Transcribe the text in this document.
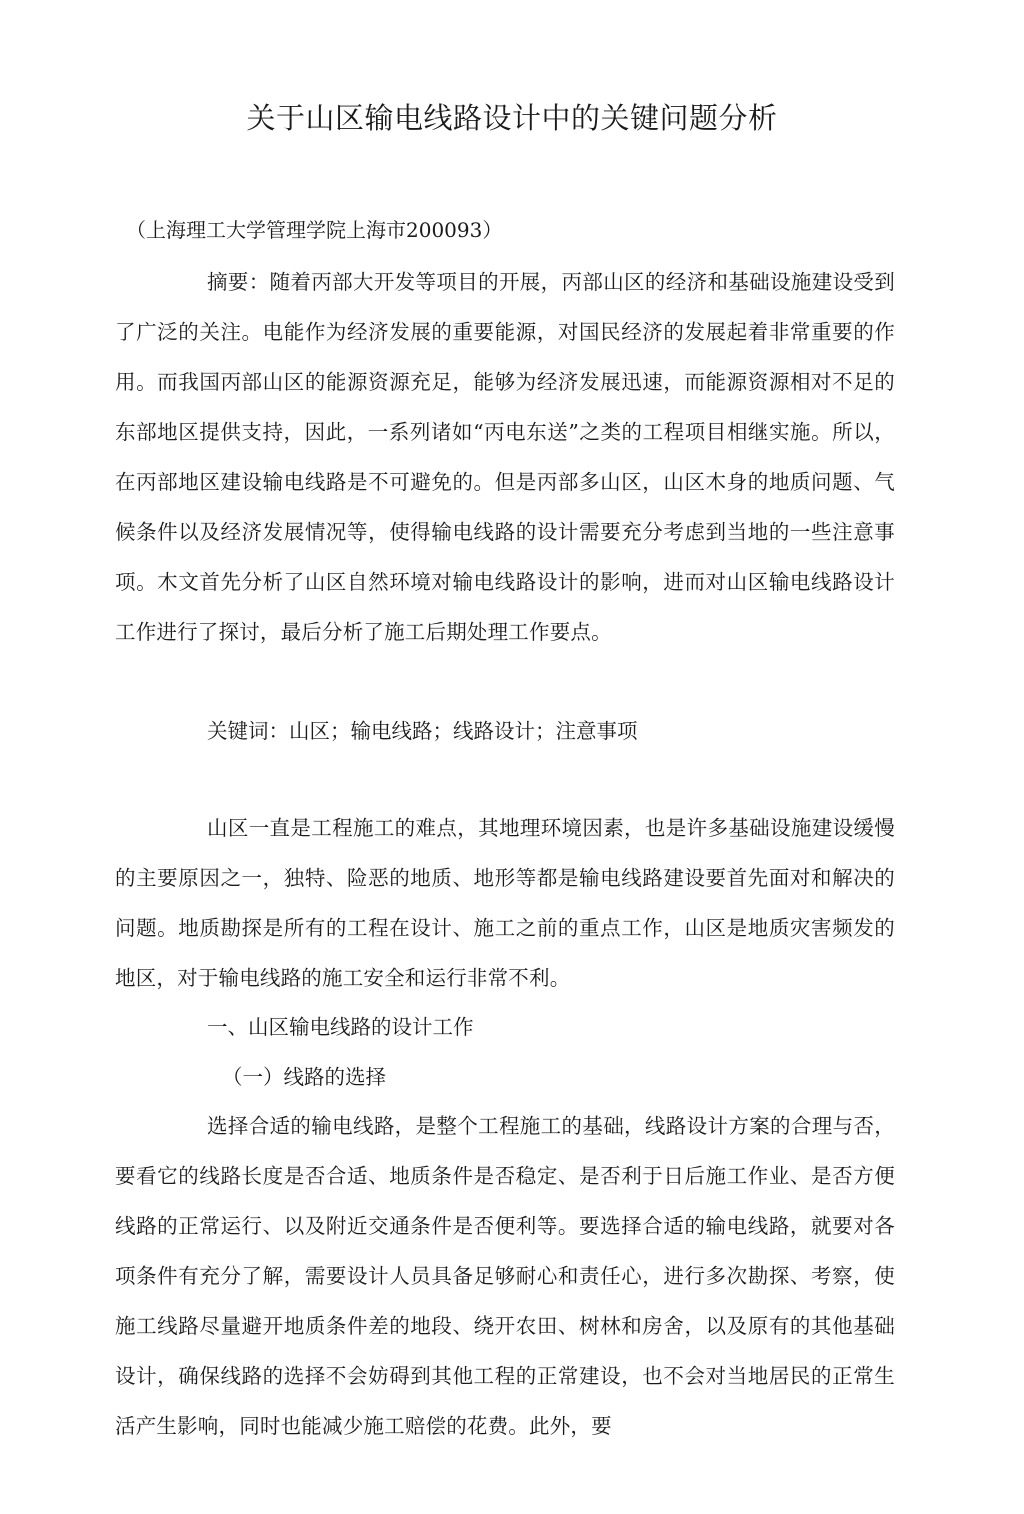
关于山区输电线路设计中的关键问题分析
（上海理工大学管理学院上海市200093）
摘要：随着丙部大开发等项目的开展，丙部山区的经济和基础设施建设受到了广泛的关注。电能作为经济发展的重要能源，对国民经济的发展起着非常重要的作用。而我国丙部山区的能源资源充足，能够为经济发展迅速，而能源资源相对不足的东部地区提供支持，因此，一系列诸如“丙电东送”之类的工程项目相继实施。所以，在丙部地区建设输电线路是不可避免的。但是丙部多山区，山区木身的地质问题、气候条件以及经济发展情况等，使得输电线路的设计需要充分考虑到当地的一些注意事项。木文首先分析了山区自然环境对输电线路设计的影响，进而对山区输电线路设计工作进行了探讨，最后分析了施工后期处理工作要点。
关键词：山区；输电线路；线路设计；注意事项
山区一直是工程施工的难点，其地理环境因素，也是许多基础设施建设缓慢的主要原因之一，独特、险恶的地质、地形等都是输电线路建设要首先面对和解决的问题。地质勘探是所有的工程在设计、施工之前的重点工作，山区是地质灾害频发的地区，对于输电线路的施工安全和运行非常不利。
一、山区输电线路的设计工作
（一）线路的选择
选择合适的输电线路，是整个工程施工的基础，线路设计方案的合理与否，要看它的线路长度是否合适、地质条件是否稳定、是否利于日后施工作业、是否方便线路的正常运行、以及附近交通条件是否便利等。要选择合适的输电线路，就要对各项条件有充分了解，需要设计人员具备足够耐心和责任心，进行多次勘探、考察，使施工线路尽量避开地质条件差的地段、绕开农田、树林和房舍，以及原有的其他基础设计，确保线路的选择不会妨碍到其他工程的正常建设，也不会对当地居民的正常生活产生影响，同时也能减少施工赔偿的花费。此外，要
